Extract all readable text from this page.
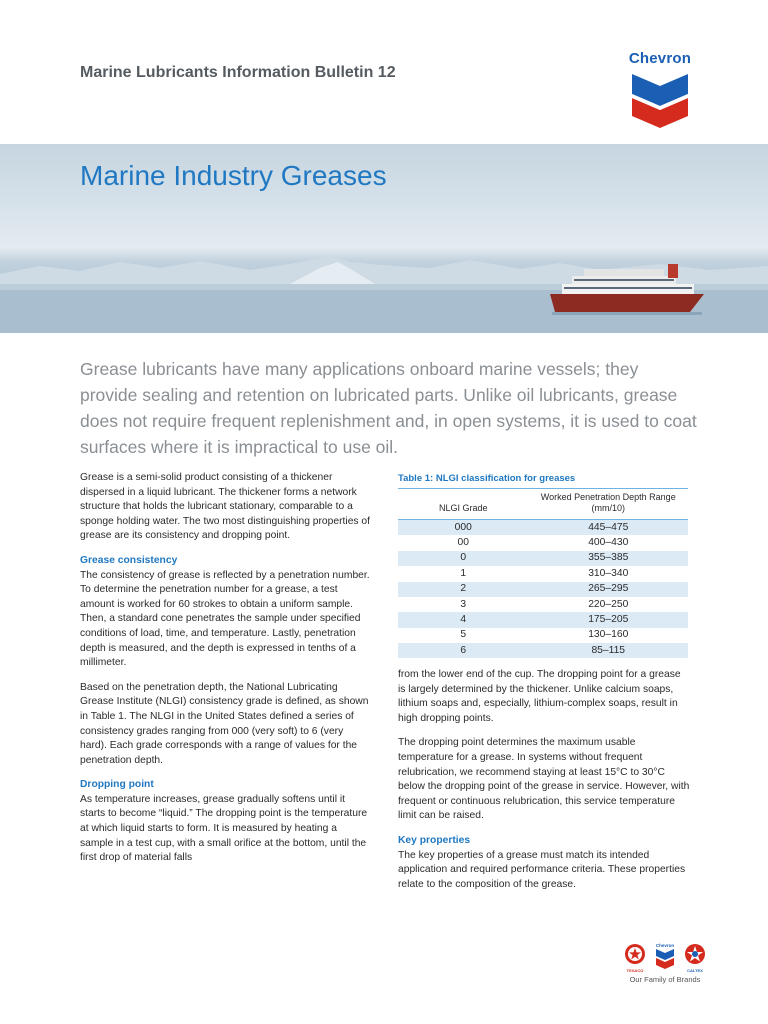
Marine Lubricants Information Bulletin 12
Chevron
Marine Industry Greases
Grease lubricants have many applications onboard marine vessels; they provide sealing and retention on lubricated parts. Unlike oil lubricants, grease does not require frequent replenishment and, in open systems, it is used to coat surfaces where it is impractical to use oil.

Grease is a semi-solid product consisting of a thickener dispersed in a liquid lubricant. The thickener forms a network structure that holds the lubricant stationary, comparable to a sponge holding water. The two most distinguishing properties of grease are its consistency and dropping point.

Grease consistency

The consistency of grease is reflected by a penetration number. To determine the penetration number for a grease, a test amount is worked for 60 strokes to obtain a uniform sample. Then, a standard cone penetrates the sample under specified conditions of load, time, and temperature. Lastly, penetration depth is measured, and the depth is expressed in tenths of a millimeter.

Based on the penetration depth, the National Lubricating Grease Institute (NLGI) consistency grade is defined, as shown in Table 1. The NLGI in the United States defined a series of consistency grades ranging from 000 (very soft) to 6 (very hard). Each grade corresponds with a range of values for the penetration depth.

Dropping point

As temperature increases, grease gradually softens until it starts to become “liquid.” The dropping point is the temperature at which liquid starts to form. It is measured by heating a sample in a test cup, with a small orifice at the bottom, until the first drop of material falls

Table 1: NLGI classification for greases
NLGI Grade	Worked Penetration Depth Range (mm/10)
000	445–475
00	400–430
0	355–385
1	310–340
2	265–295
3	220–250
4	175–205
5	130–160
6	85–115

from the lower end of the cup. The dropping point for a grease is largely determined by the thickener. Unlike calcium soaps, lithium soaps and, especially, lithium-complex soaps, result in high dropping points.

The dropping point determines the maximum usable temperature for a grease. In systems without frequent relubrication, we recommend staying at least 15°C to 30°C below the dropping point of the grease in service. However, with frequent or continuous relubrication, this service temperature limit can be raised.

Key properties

The key properties of a grease must match its intended application and required performance criteria. These properties relate to the composition of the grease.

TEXACO
Chevron
CALTEX
Our Family of Brands
